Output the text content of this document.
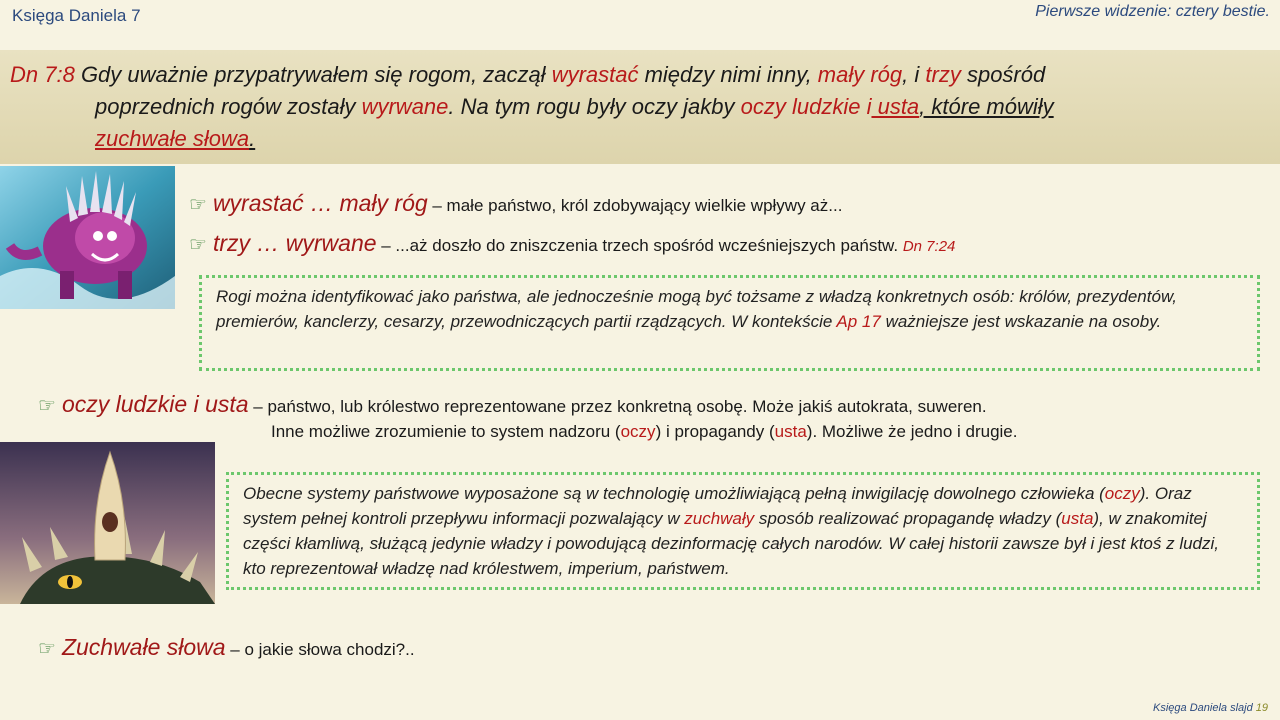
Księga Daniela 7	Pierwsze widzenie: cztery bestie.
Dn 7:8 Gdy uważnie przypatrywałem się rogom, zaczął wyrastać między nimi inny, mały róg, i trzy spośród
poprzednich rogów zostały wyrwane. Na tym rogu były oczy jakby oczy ludzkie i usta, które mówiły
zuchwałe słowa.
☞ wyrastać … mały róg – małe państwo, król zdobywający wielkie wpływy aż...
☞ trzy … wyrwane – ...aż doszło do zniszczenia trzech spośród wcześniejszych państw. Dn 7:24
Rogi można identyfikować jako państwa, ale jednocześnie mogą być tożsame z władzą konkretnych osób: królów, prezydentów, premierów, kanclerzy, cesarzy, przewodniczących partii rządzących. W kontekście Ap 17 ważniejsze jest wskazanie na osoby.
☞ oczy ludzkie i usta – państwo, lub królestwo reprezentowane przez konkretną osobę. Może jakiś autokrata, suweren.
Inne możliwe zrozumienie to system nadzoru (oczy) i propagandy (usta). Możliwe że jedno i drugie.
Obecne systemy państwowe wyposażone są w technologię umożliwiającą pełną inwigilację dowolnego człowieka (oczy). Oraz system pełnej kontroli przepływu informacji pozwalający w zuchwały sposób realizować propagandę władzy (usta), w znakomitej części kłamliwą, służącą jedynie władzy i powodującą dezinformację całych narodów. W całej historii zawsze był i jest ktoś z ludzi, kto reprezentował władzę nad królestwem, imperium, państwem.
☞ Zuchwałe słowa – o jakie słowa chodzi?..
Księga Daniela slajd 19
